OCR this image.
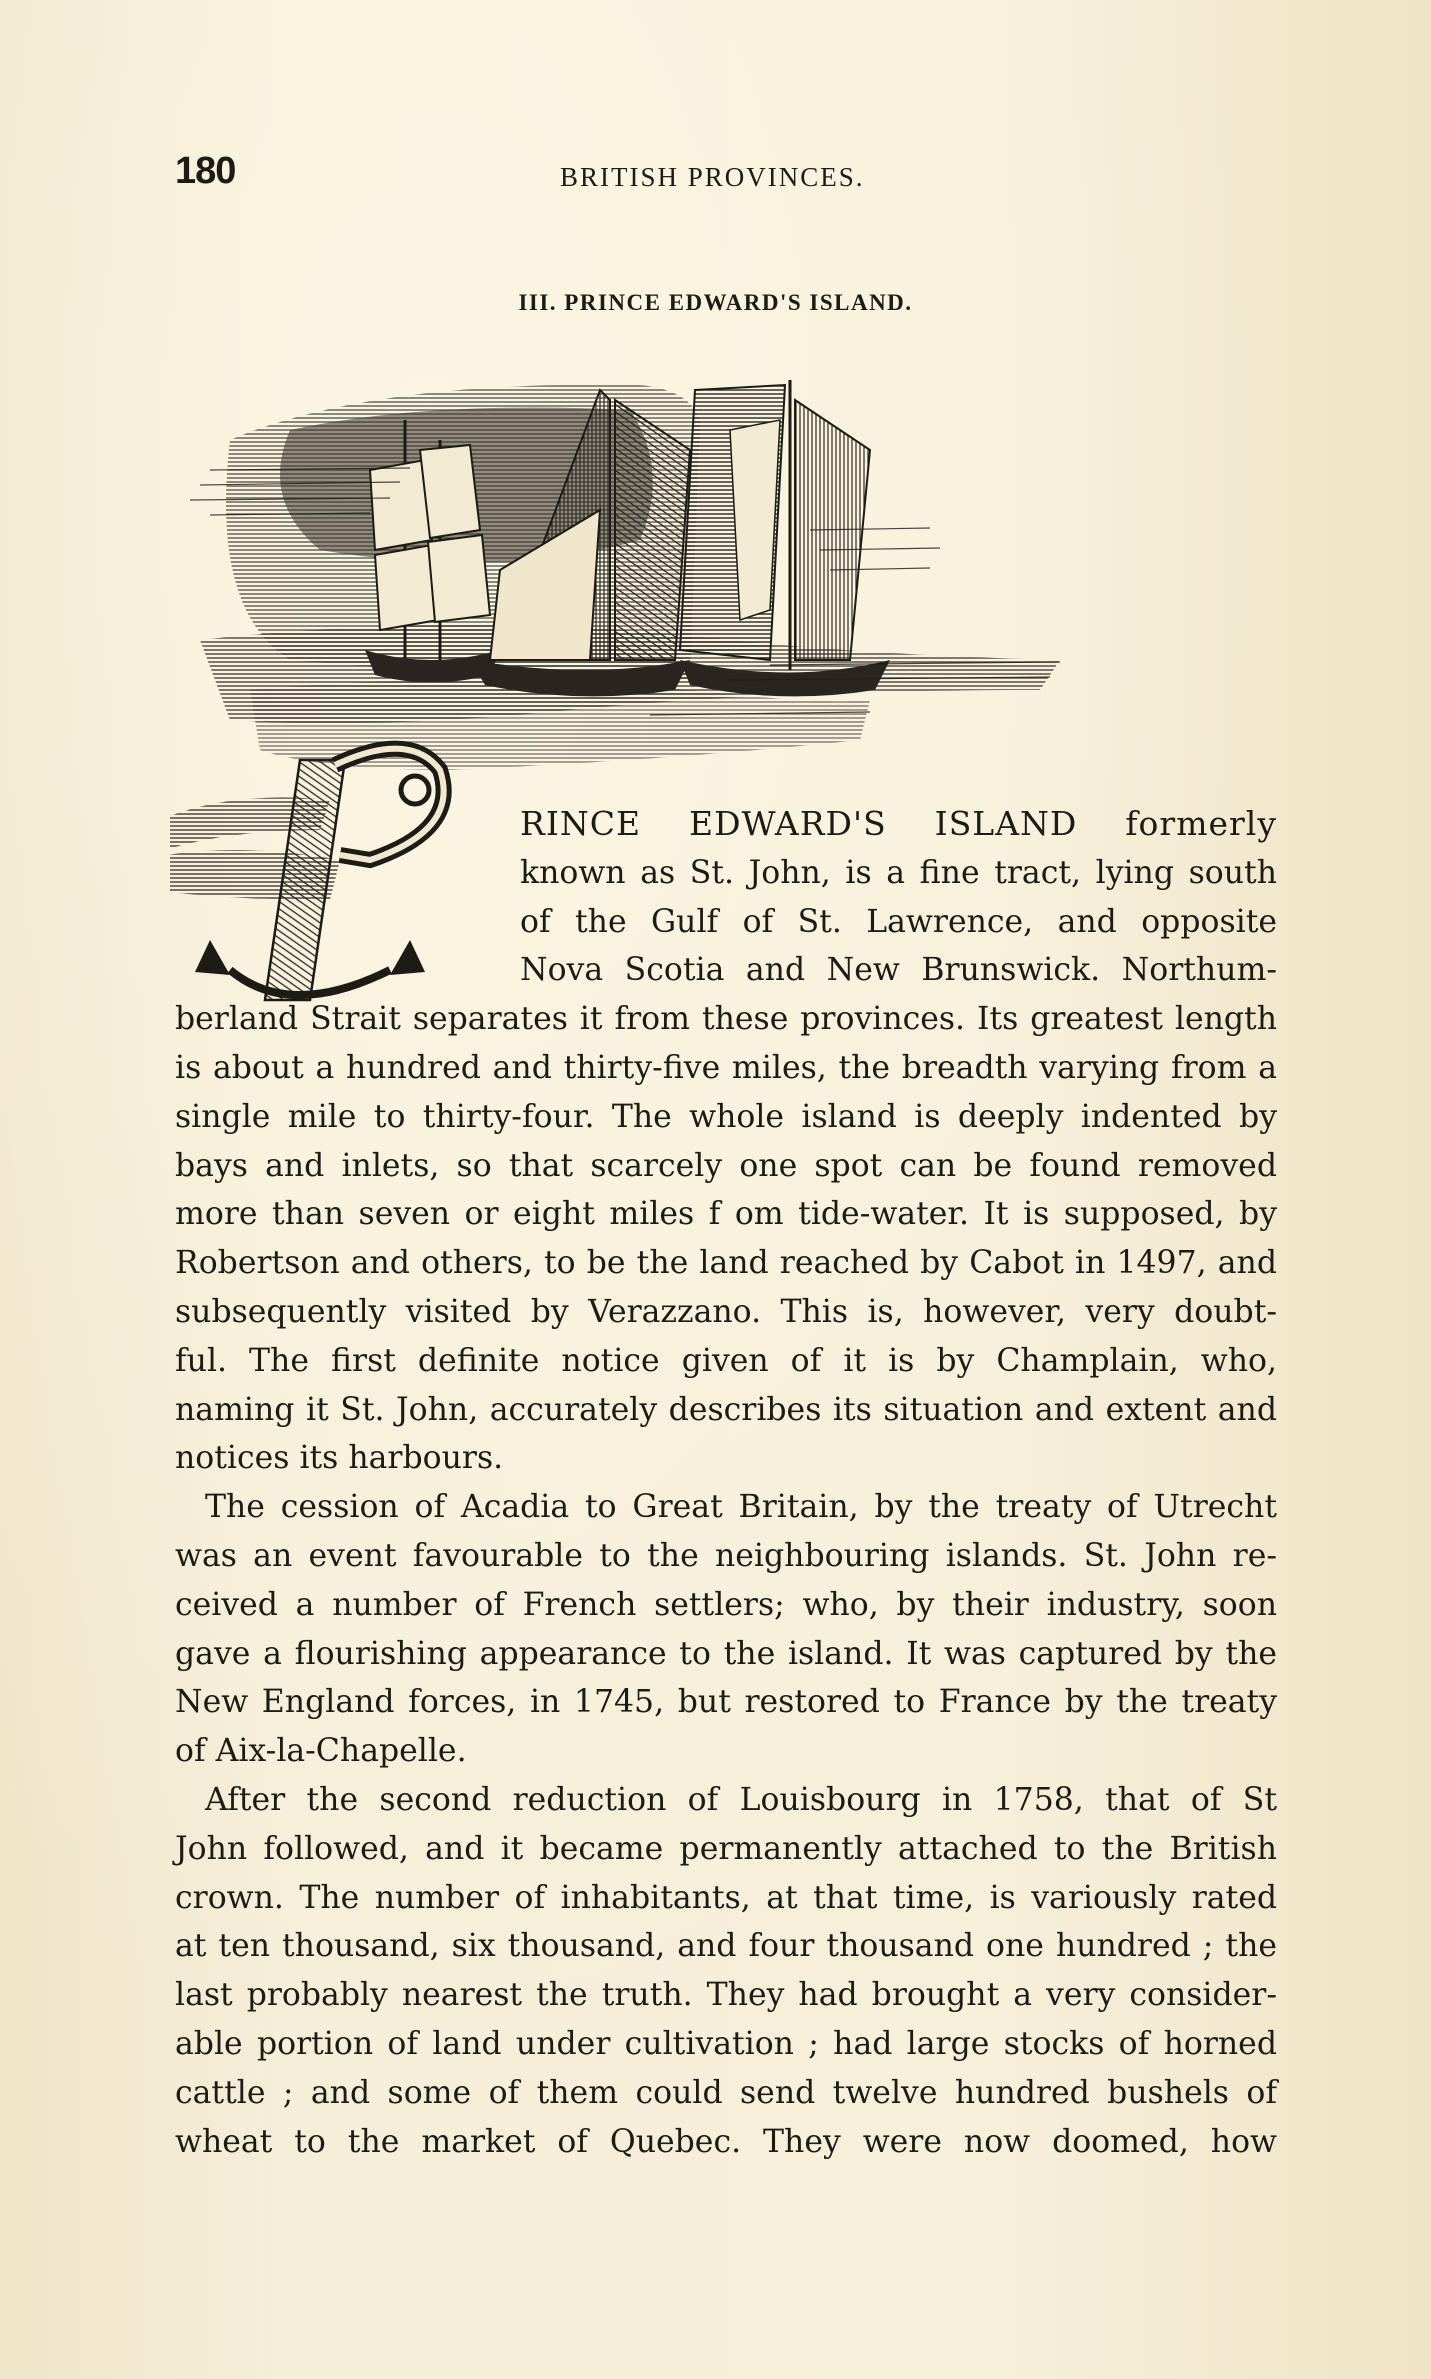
180	BRITISH PROVINCES.
III. PRINCE EDWARD'S ISLAND.
RINCE EDWARD'S ISLAND formerly
known as St. John, is a fine tract, lying south
of the Gulf of St. Lawrence, and opposite
Nova Scotia and New Brunswick. Northum-
berland Strait separates it from these provinces. Its greatest length
is about a hundred and thirty-five miles, the breadth varying from a
single mile to thirty-four. The whole island is deeply indented by
bays and inlets, so that scarcely one spot can be found removed
more than seven or eight miles f om tide-water. It is supposed, by
Robertson and others, to be the land reached by Cabot in 1497, and
subsequently visited by Verazzano. This is, however, very doubt-
ful. The first definite notice given of it is by Champlain, who,
naming it St. John, accurately describes its situation and extent and
notices its harbours.
The cession of Acadia to Great Britain, by the treaty of Utrecht
was an event favourable to the neighbouring islands. St. John re-
ceived a number of French settlers; who, by their industry, soon
gave a flourishing appearance to the island. It was captured by the
New England forces, in 1745, but restored to France by the treaty
of Aix-la-Chapelle.
After the second reduction of Louisbourg in 1758, that of St
John followed, and it became permanently attached to the British
crown. The number of inhabitants, at that time, is variously rated
at ten thousand, six thousand, and four thousand one hundred ; the
last probably nearest the truth. They had brought a very consider-
able portion of land under cultivation ; had large stocks of horned
cattle ; and some of them could send twelve hundred bushels of
wheat to the market of Quebec. They were now doomed, how
